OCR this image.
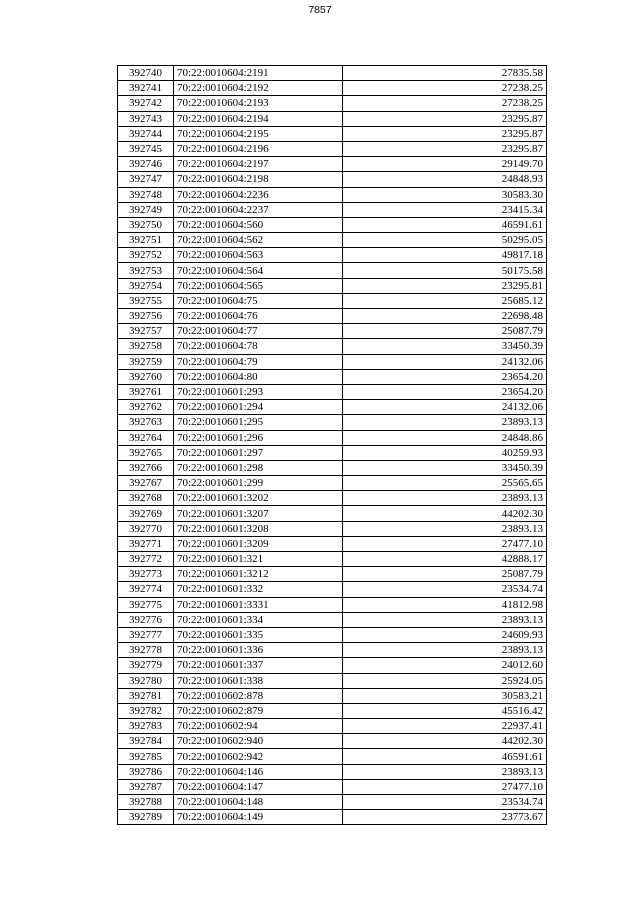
7857
392740	70:22:0010604:2191	27835.58
392741	70:22:0010604:2192	27238.25
392742	70:22:0010604:2193	27238.25
392743	70:22:0010604:2194	23295.87
392744	70:22:0010604:2195	23295.87
392745	70:22:0010604:2196	23295.87
392746	70:22:0010604:2197	29149.70
392747	70:22:0010604:2198	24848.93
392748	70:22:0010604:2236	30583.30
392749	70:22:0010604:2237	23415.34
392750	70:22:0010604:560	46591.61
392751	70:22:0010604:562	50295.05
392752	70:22:0010604:563	49817.18
392753	70:22:0010604:564	50175.58
392754	70:22:0010604:565	23295.81
392755	70:22:0010604:75	25685.12
392756	70:22:0010604:76	22698.48
392757	70:22:0010604:77	25087.79
392758	70:22:0010604:78	33450.39
392759	70:22:0010604:79	24132.06
392760	70:22:0010604:80	23654.20
392761	70:22:0010601:293	23654.20
392762	70:22:0010601:294	24132.06
392763	70:22:0010601:295	23893.13
392764	70:22:0010601:296	24848.86
392765	70:22:0010601:297	40259.93
392766	70:22:0010601:298	33450.39
392767	70:22:0010601:299	25565.65
392768	70:22:0010601:3202	23893.13
392769	70:22:0010601:3207	44202.30
392770	70:22:0010601:3208	23893.13
392771	70:22:0010601:3209	27477.10
392772	70:22:0010601:321	42888.17
392773	70:22:0010601:3212	25087.79
392774	70:22:0010601:332	23534.74
392775	70:22:0010601:3331	41812.98
392776	70:22:0010601:334	23893.13
392777	70:22:0010601:335	24609.93
392778	70:22:0010601:336	23893.13
392779	70:22:0010601:337	24012.60
392780	70:22:0010601:338	25924.05
392781	70:22:0010602:878	30583.21
392782	70:22:0010602:879	45516.42
392783	70:22:0010602:94	22937.41
392784	70:22:0010602:940	44202.30
392785	70:22:0010602:942	46591.61
392786	70:22:0010604:146	23893.13
392787	70:22:0010604:147	27477.10
392788	70:22:0010604:148	23534.74
392789	70:22:0010604:149	23773.67
